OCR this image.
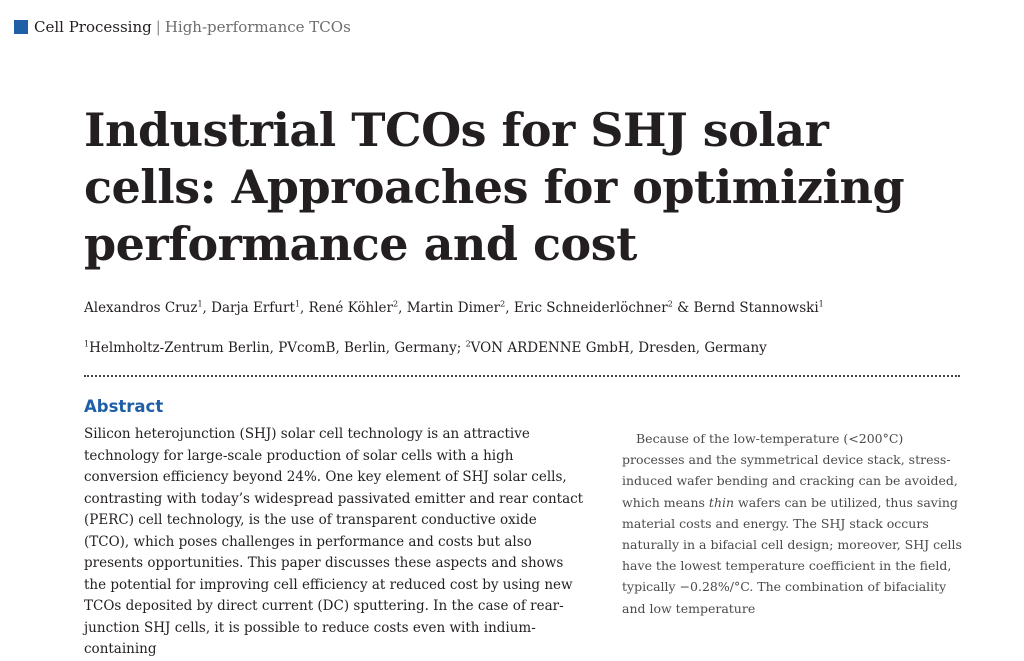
Cell Processing | High-performance TCOs
Industrial TCOs for SHJ solar cells: Approaches for optimizing performance and cost
Alexandros Cruz$^1$, Darja Erfurt$^1$, René Köhler$^2$, Martin Dimer$^2$, Eric Schneiderlöchner$^2$ & Bernd Stannowski$^1$
$^1$Helmholtz-Zentrum Berlin, PVcomB, Berlin, Germany; $^2$VON ARDENNE GmbH, Dresden, Germany
Abstract

Silicon heterojunction (SHJ) solar cell technology is an attractive technology for large-scale production of solar cells with a high conversion efficiency beyond 24%. One key element of SHJ solar cells, contrasting with today’s widespread passivated emitter and rear contact (PERC) cell technology, is the use of transparent conductive oxide (TCO), which poses challenges in performance and costs but also presents opportunities. This paper discusses these aspects and shows the potential for improving cell efficiency at reduced cost by using new TCOs deposited by direct current (DC) sputtering. In the case of rear-junction SHJ cells, it is possible to reduce costs even with indium-containing

Because of the low-temperature (<200°C) processes and the symmetrical device stack, stress-induced wafer bending and cracking can be avoided, which means thin wafers can be utilized, thus saving material costs and energy. The SHJ stack occurs naturally in a bifacial cell design; moreover, SHJ cells have the lowest temperature coefficient in the field, typically −0.28%/°C. The combination of bifaciality and low temperature
